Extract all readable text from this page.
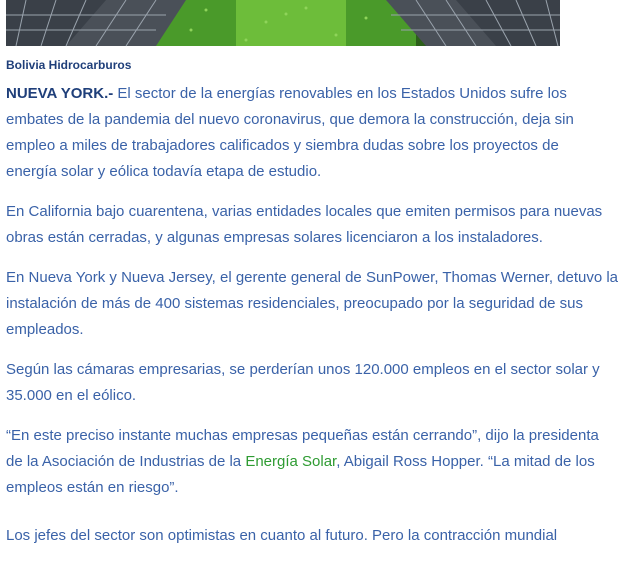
Bolivia Hidrocarburos

NUEVA YORK.- El sector de la energías renovables en los Estados Unidos sufre los
embates de la pandemia del nuevo coronavirus, que demora la construcción, deja sin
empleo a miles de trabajadores calificados y siembra dudas sobre los proyectos de
energía solar y eólica todavía etapa de estudio.

En California bajo cuarentena, varias entidades locales que emiten permisos para nuevas
obras están cerradas, y algunas empresas solares licenciaron a los instaladores.

En Nueva York y Nueva Jersey, el gerente general de SunPower, Thomas Werner, detuvo la
instalación de más de 400 sistemas residenciales, preocupado por la seguridad de sus
empleados.

Según las cámaras empresarias, se perderían unos 120.000 empleos en el sector solar y
35.000 en el eólico.

“En este preciso instante muchas empresas pequeñas están cerrando”, dijo la presidenta
de la Asociación de Industrias de la Energía Solar, Abigail Ross Hopper. “La mitad de los
empleos están en riesgo”.

Los jefes del sector son optimistas en cuanto al futuro. Pero la contracción mundial
